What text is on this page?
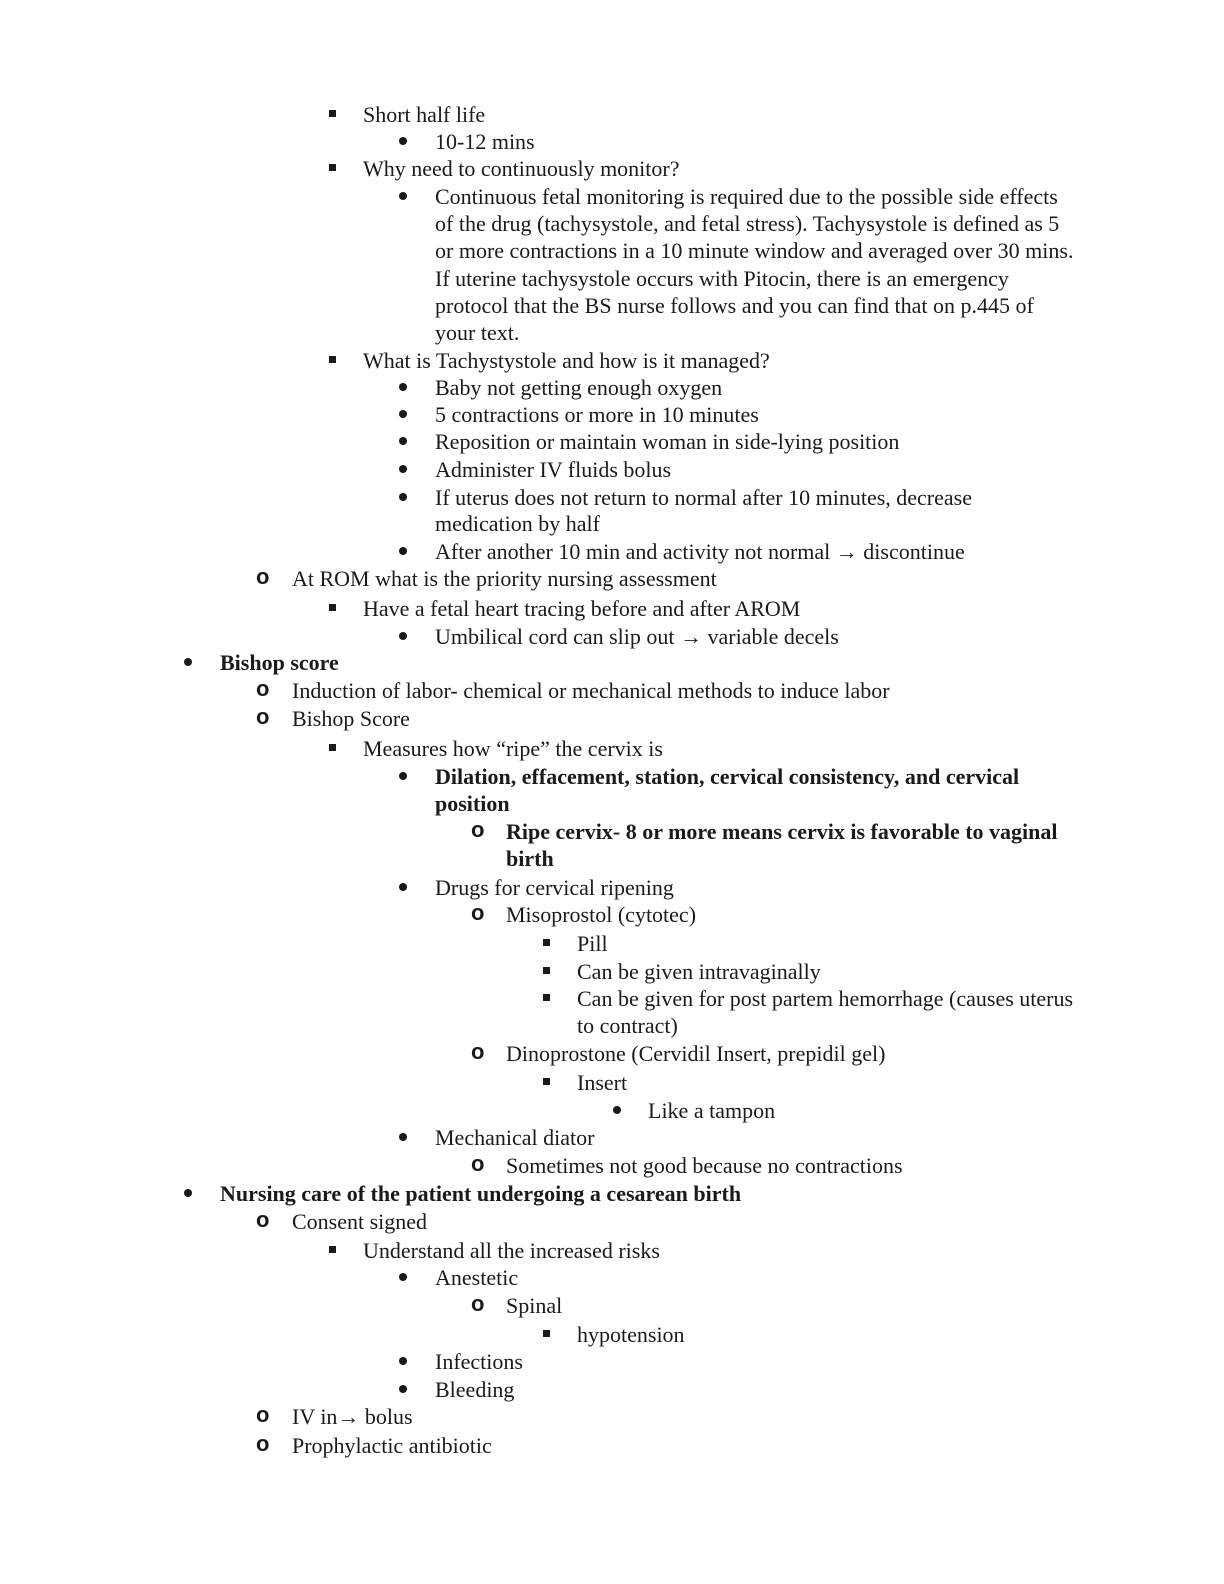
Short half life
10-12 mins
Why need to continuously monitor?
Continuous fetal monitoring is required due to the possible side effects
of the drug (tachysystole, and fetal stress). Tachysystole is defined as 5
or more contractions in a 10 minute window and averaged over 30 mins.
If uterine tachysystole occurs with Pitocin, there is an emergency
protocol that the BS nurse follows and you can find that on p.445 of
your text.
What is Tachystystole and how is it managed?
Baby not getting enough oxygen
5 contractions or more in 10 minutes
Reposition or maintain woman in side-lying position
Administer IV fluids bolus
If uterus does not return to normal after 10 minutes, decrease
medication by half
After another 10 min and activity not normal → discontinue
o At ROM what is the priority nursing assessment
Have a fetal heart tracing before and after AROM
Umbilical cord can slip out → variable decels
Bishop score
o Induction of labor- chemical or mechanical methods to induce labor
o Bishop Score
Measures how “ripe” the cervix is
Dilation, effacement, station, cervical consistency, and cervical
position
o Ripe cervix- 8 or more means cervix is favorable to vaginal
birth
Drugs for cervical ripening
o Misoprostol (cytotec)
Pill
Can be given intravaginally
Can be given for post partem hemorrhage (causes uterus
to contract)
o Dinoprostone (Cervidil Insert, prepidil gel)
Insert
Like a tampon
Mechanical diator
o Sometimes not good because no contractions
Nursing care of the patient undergoing a cesarean birth
o Consent signed
Understand all the increased risks
Anestetic
o Spinal
hypotension
Infections
Bleeding
o IV in→ bolus
o Prophylactic antibiotic
